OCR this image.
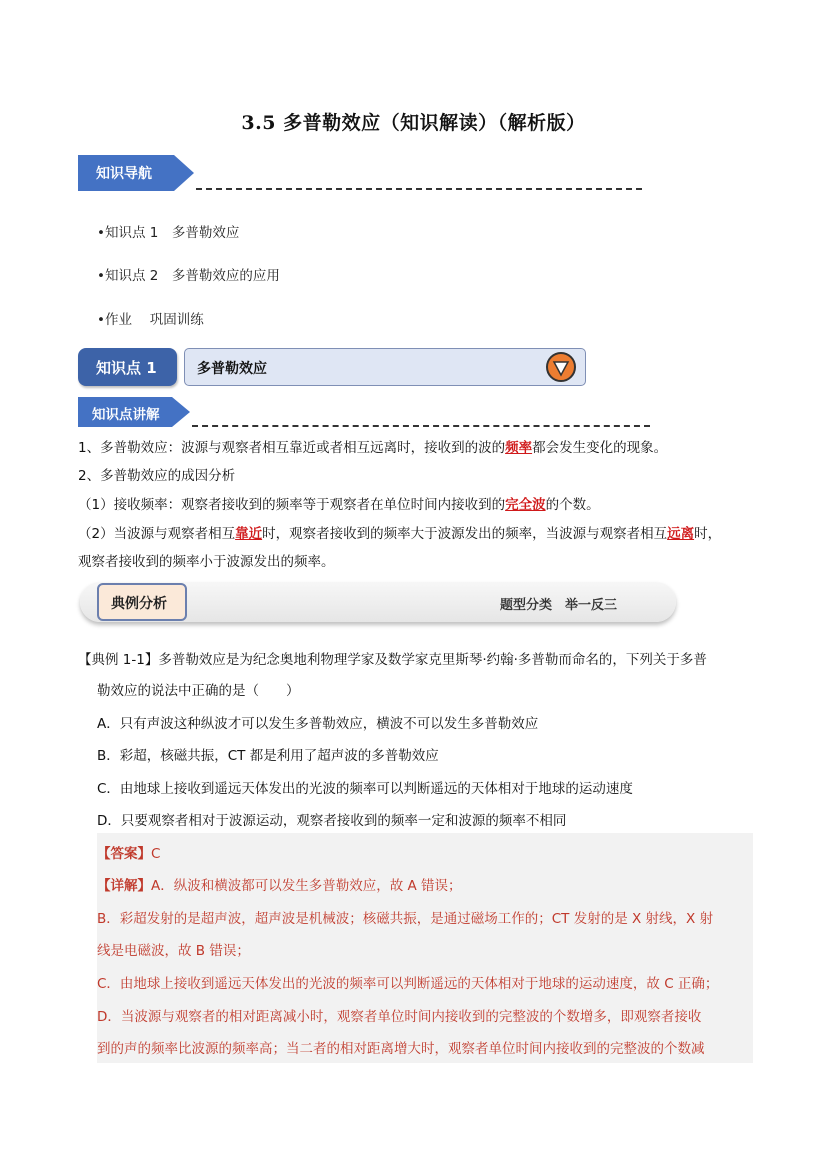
3.5 多普勒效应（知识解读）（解析版）
知识导航
•知识点 1　多普勒效应
•知识点 2　多普勒效应的应用
•作业　 巩固训练
知识点 1	多普勒效应
知识点讲解
1、多普勒效应：波源与观察者相互靠近或者相互远离时，接收到的波的频率都会发生变化的现象。
2、多普勒效应的成因分析
（1）接收频率：观察者接收到的频率等于观察者在单位时间内接收到的完全波的个数。
（2）当波源与观察者相互靠近时，观察者接收到的频率大于波源发出的频率，当波源与观察者相互远离时，
观察者接收到的频率小于波源发出的频率。
典例分析	题型分类　举一反三
【典例 1-1】多普勒效应是为纪念奥地利物理学家及数学家克里斯琴·约翰·多普勒而命名的，下列关于多普
勒效应的说法中正确的是（　　）
A．只有声波这种纵波才可以发生多普勒效应，横波不可以发生多普勒效应
B．彩超，核磁共振，CT 都是利用了超声波的多普勒效应
C．由地球上接收到遥远天体发出的光波的频率可以判断遥远的天体相对于地球的运动速度
D．只要观察者相对于波源运动，观察者接收到的频率一定和波源的频率不相同
【答案】C
【详解】A．纵波和横波都可以发生多普勒效应，故 A 错误；
B．彩超发射的是超声波，超声波是机械波；核磁共振，是通过磁场工作的；CT 发射的是 X 射线，X 射
线是电磁波，故 B 错误；
C．由地球上接收到遥远天体发出的光波的频率可以判断遥远的天体相对于地球的运动速度，故 C 正确；
D．当波源与观察者的相对距离减小时，观察者单位时间内接收到的完整波的个数增多，即观察者接收
到的声的频率比波源的频率高；当二者的相对距离增大时，观察者单位时间内接收到的完整波的个数减
